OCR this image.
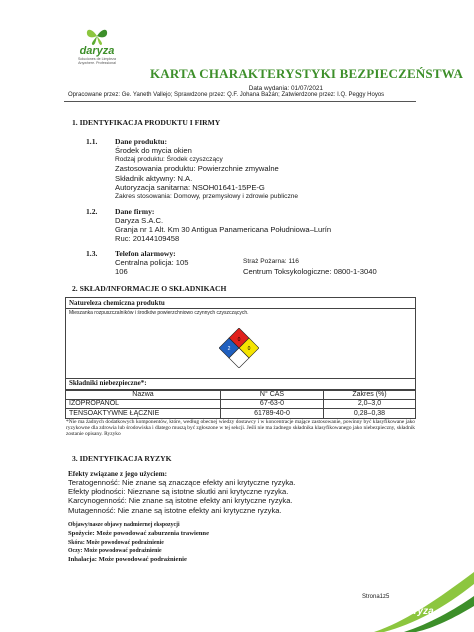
daryza
Soluciones de Limpieza
Anywhere. Professional
KARTA CHARAKTERYSTYKI BEZPIECZEŃSTWA
Data wydania: 01/07/2021
Opracowane przez: Ge. Yaneth Vallejo; Sprawdzone przez: Q.F. Johana Bazán; Zatwierdzone przez: I.Q. Peggy Hoyos
1. IDENTYFIKACJA PRODUKTU I FIRMY
1.1. Dane produktu:
Środek do mycia okien
Rodzaj produktu: Środek czyszczący
Zastosowania produktu: Powierzchnie zmywalne
Składnik aktywny: N.A.
Autoryzacja sanitarna: NSOH01641-15PE-G
Zakres stosowania: Domowy, przemysłowy i zdrowie publiczne
1.2. Dane firmy:
Daryza S.A.C.
Granja nr 1 Alt. Km 30 Antigua Panamericana Południowa–Lurín
Ruc: 20144109458
1.3. Telefon alarmowy:
Centralna policja: 105
106
Straż Pożarna: 116
Centrum Toksykologiczne: 0800-1-3040
2. SKŁAD/INFORMACJE O SKŁADNIKACH
Natureleza chemiczna produktu
Mieszanka rozpuszczalników i środków powierzchniowo czynnych czyszczących.
0
2	0
Składniki niebezpieczne*:
Nazwa	N° CAS	Zakres (%)
IZOPROPANOL	67-63-0	2,0–3,0
TENSOAKTYWNE ŁĄCZNIE	61789-40-0	0,28–0,38
*Nie ma żadnych dodatkowych komponentów, które, według obecnej wiedzy dostawcy i w koncentracje mające zastosowanie, powinny być klasyfikowane jako ryzykowne dla zdrowia lub środowiska i dlatego muszą być zgłoszone w tej sekcji. Jeśli nie ma żadnego składnika klasyfikowanego jako niebezpieczny, składnik zostanie opisany. Ryzyko
3. IDENTYFIKACJA RYZYK
Efekty związane z jego użyciem:
Teratogenność: Nie znane są znaczące efekty ani krytyczne ryzyka.
Efekty płodności: Nieznane są istotne skutki ani krytyczne ryzyka.
Karcynogenność: Nie znane są istotne efekty ani krytyczne ryzyka.
Mutagenność: Nie znane są istotne efekty ani krytyczne ryzyka.
Objawy/nasze objawy nadmiernej ekspozycji
Spożycie: Może powodować zaburzenia trawienne
Skóra: Może powodować podrażnienie
Oczy: Może powodować podrażnienie
Inhalacja: Może powodować podrażnienie
Strona1z5
daryza
